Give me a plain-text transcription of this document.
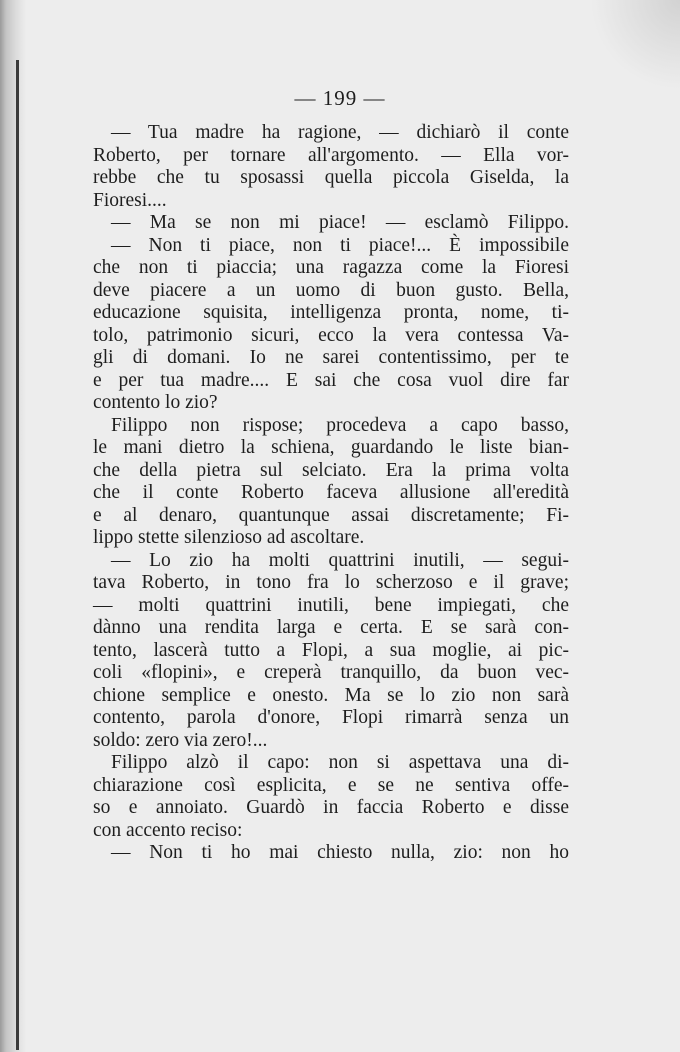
— 199 —
— Tua madre ha ragione, — dichiarò il conte
Roberto, per tornare all'argomento. — Ella vor-
rebbe che tu sposassi quella piccola Giselda, la
Fioresi....
— Ma se non mi piace! — esclamò Filippo.
— Non ti piace, non ti piace!... È impossibile
che non ti piaccia; una ragazza come la Fioresi
deve piacere a un uomo di buon gusto. Bella,
educazione squisita, intelligenza pronta, nome, ti-
tolo, patrimonio sicuri, ecco la vera contessa Va-
gli di domani. Io ne sarei contentissimo, per te
e per tua madre.... E sai che cosa vuol dire far
contento lo zio?
Filippo non rispose; procedeva a capo basso,
le mani dietro la schiena, guardando le liste bian-
che della pietra sul selciato. Era la prima volta
che il conte Roberto faceva allusione all'eredità
e al denaro, quantunque assai discretamente; Fi-
lippo stette silenzioso ad ascoltare.
— Lo zio ha molti quattrini inutili, — segui-
tava Roberto, in tono fra lo scherzoso e il grave;
— molti quattrini inutili, bene impiegati, che
dànno una rendita larga e certa. E se sarà con-
tento, lascerà tutto a Flopi, a sua moglie, ai pic-
coli «flopini», e creperà tranquillo, da buon vec-
chione semplice e onesto. Ma se lo zio non sarà
contento, parola d'onore, Flopi rimarrà senza un
soldo: zero via zero!...
Filippo alzò il capo: non si aspettava una di-
chiarazione così esplicita, e se ne sentiva offe-
so e annoiato. Guardò in faccia Roberto e disse
con accento reciso:
— Non ti ho mai chiesto nulla, zio: non ho
